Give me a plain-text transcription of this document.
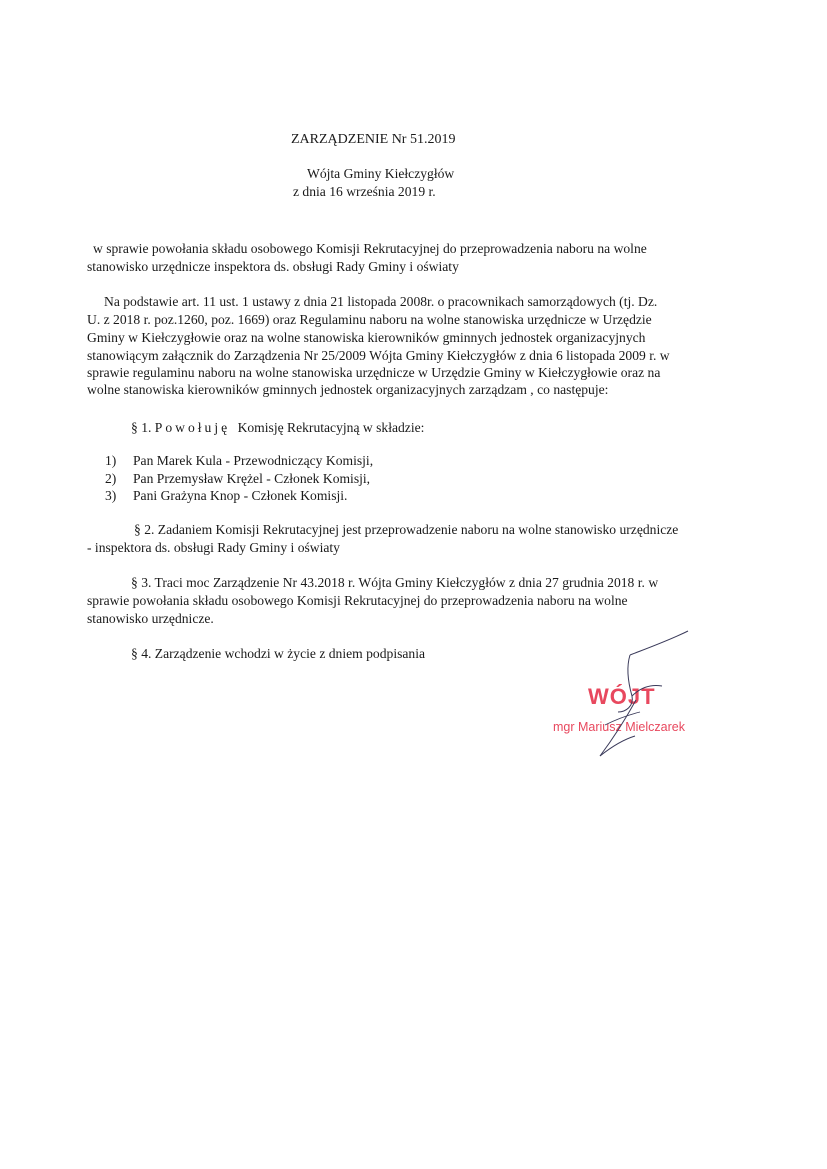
ZARZĄDZENIE Nr 51.2019
Wójta Gminy Kiełczygłów
z dnia 16 września 2019 r.
w sprawie powołania składu osobowego Komisji Rekrutacyjnej do przeprowadzenia naboru na wolne
stanowisko urzędnicze inspektora ds. obsługi Rady Gminy i oświaty
Na podstawie art. 11 ust. 1 ustawy z dnia 21 listopada 2008r. o pracownikach samorządowych (tj. Dz.
U. z 2018 r. poz.1260, poz. 1669) oraz Regulaminu naboru na wolne stanowiska urzędnicze w Urzędzie
Gminy w Kiełczygłowie oraz na wolne stanowiska kierowników gminnych jednostek organizacyjnych
stanowiącym załącznik do Zarządzenia Nr 25/2009 Wójta Gminy Kiełczygłów z dnia 6 listopada 2009 r. w
sprawie regulaminu naboru na wolne stanowiska urzędnicze w Urzędzie Gminy w Kiełczygłowie oraz na
wolne stanowiska kierowników gminnych jednostek organizacyjnych zarządzam , co następuje:
§ 1. Powołuję Komisję Rekrutacyjną w składzie:
1) Pan Marek Kula - Przewodniczący Komisji,
2) Pan Przemysław Krężel - Członek Komisji,
3) Pani Grażyna Knop - Członek Komisji.
§ 2. Zadaniem Komisji Rekrutacyjnej jest przeprowadzenie naboru na wolne stanowisko urzędnicze
- inspektora ds. obsługi Rady Gminy i oświaty
§ 3. Traci moc Zarządzenie Nr 43.2018 r. Wójta Gminy Kiełczygłów z dnia 27 grudnia 2018 r. w
sprawie powołania składu osobowego Komisji Rekrutacyjnej do przeprowadzenia naboru na wolne
stanowisko urzędnicze.
§ 4. Zarządzenie wchodzi w życie z dniem podpisania
WÓJT
mgr Mariusz Mielczarek
